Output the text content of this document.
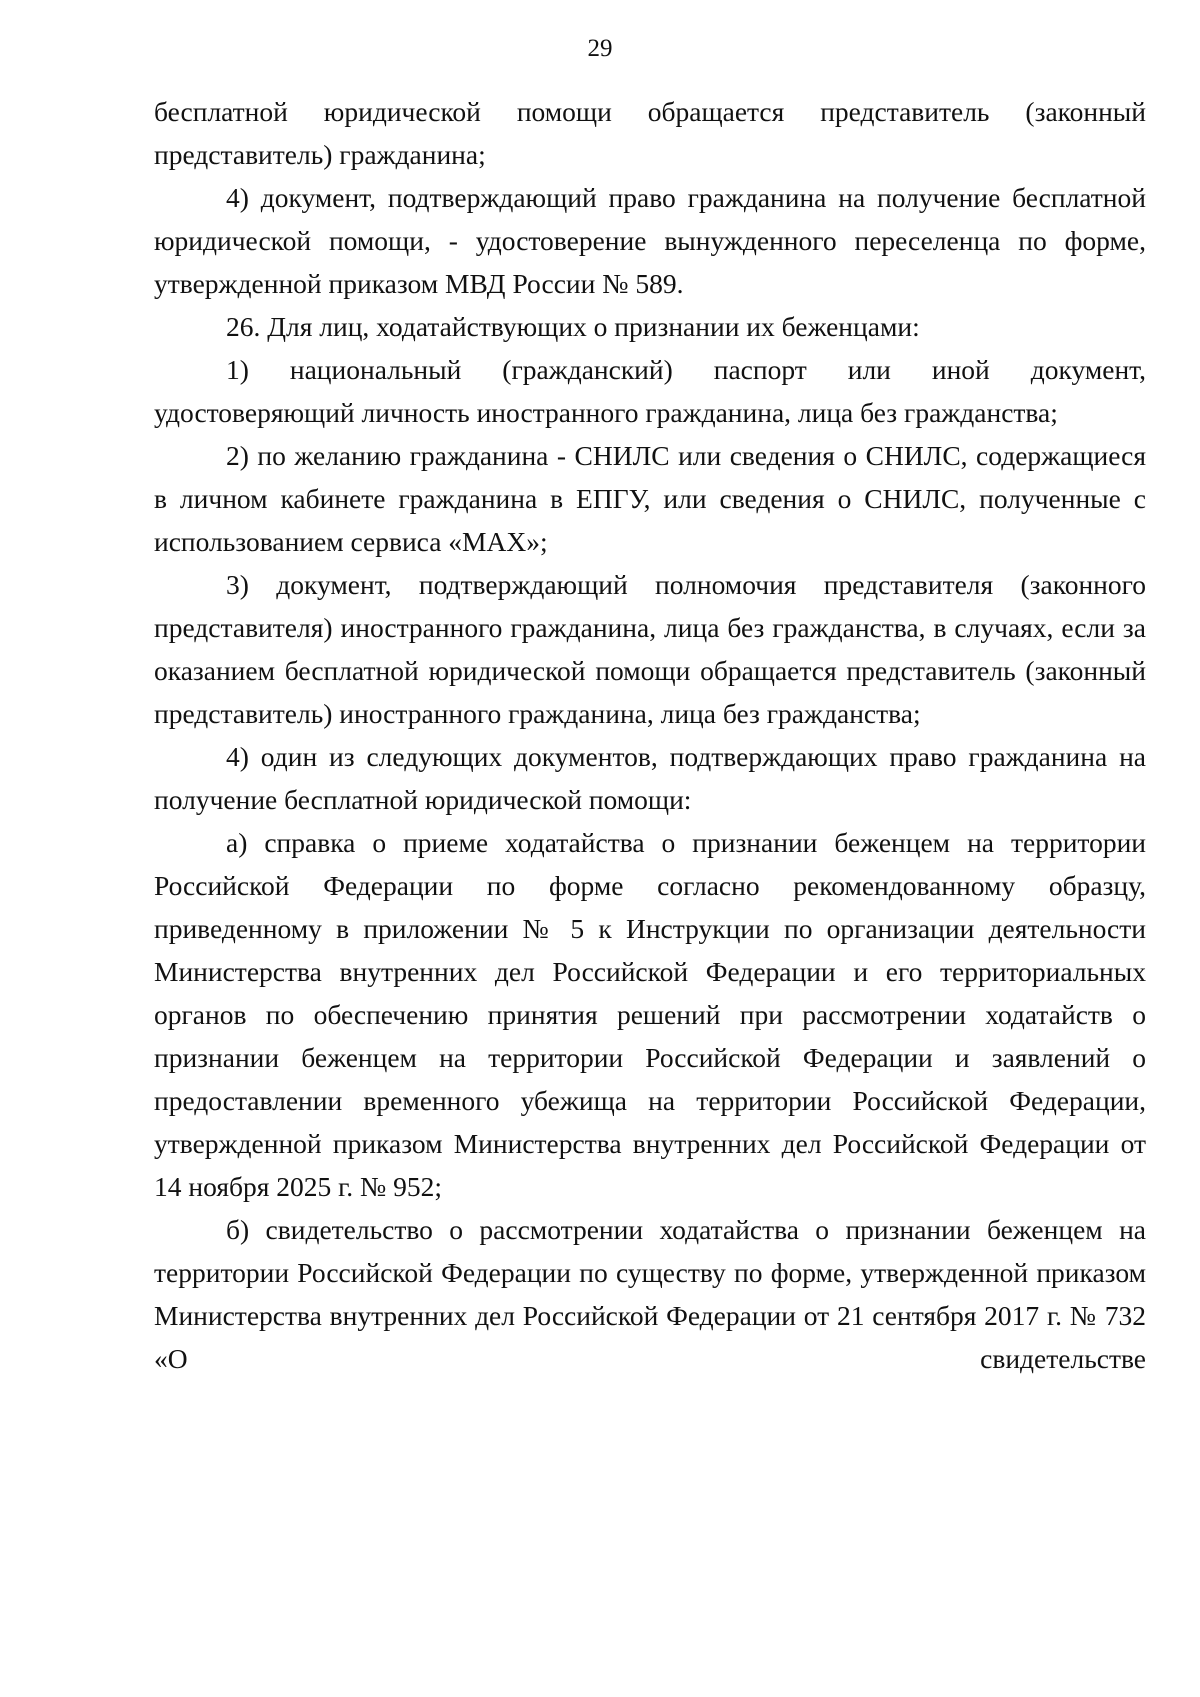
29

бесплатной юридической помощи обращается представитель (законный представитель) гражданина;

4) документ, подтверждающий право гражданина на получение бесплатной юридической помощи, - удостоверение вынужденного переселенца по форме, утвержденной приказом МВД России № 589.

26. Для лиц, ходатайствующих о признании их беженцами:

1) национальный (гражданский) паспорт или иной документ, удостоверяющий личность иностранного гражданина, лица без гражданства;

2) по желанию гражданина - СНИЛС или сведения о СНИЛС, содержащиеся в личном кабинете гражданина в ЕПГУ, или сведения о СНИЛС, полученные с использованием сервиса «MAX»;

3) документ, подтверждающий полномочия представителя (законного представителя) иностранного гражданина, лица без гражданства, в случаях, если за оказанием бесплатной юридической помощи обращается представитель (законный представитель) иностранного гражданина, лица без гражданства;

4) один из следующих документов, подтверждающих право гражданина на получение бесплатной юридической помощи:

а) справка о приеме ходатайства о признании беженцем на территории Российской Федерации по форме согласно рекомендованному образцу, приведенному в приложении № 5 к Инструкции по организации деятельности Министерства внутренних дел Российской Федерации и его территориальных органов по обеспечению принятия решений при рассмотрении ходатайств о признании беженцем на территории Российской Федерации и заявлений о предоставлении временного убежища на территории Российской Федерации, утвержденной приказом Министерства внутренних дел Российской Федерации от 14 ноября 2025 г. № 952;

б) свидетельство о рассмотрении ходатайства о признании беженцем на территории Российской Федерации по существу по форме, утвержденной приказом Министерства внутренних дел Российской Федерации от 21 сентября 2017 г. № 732 «О свидетельстве
